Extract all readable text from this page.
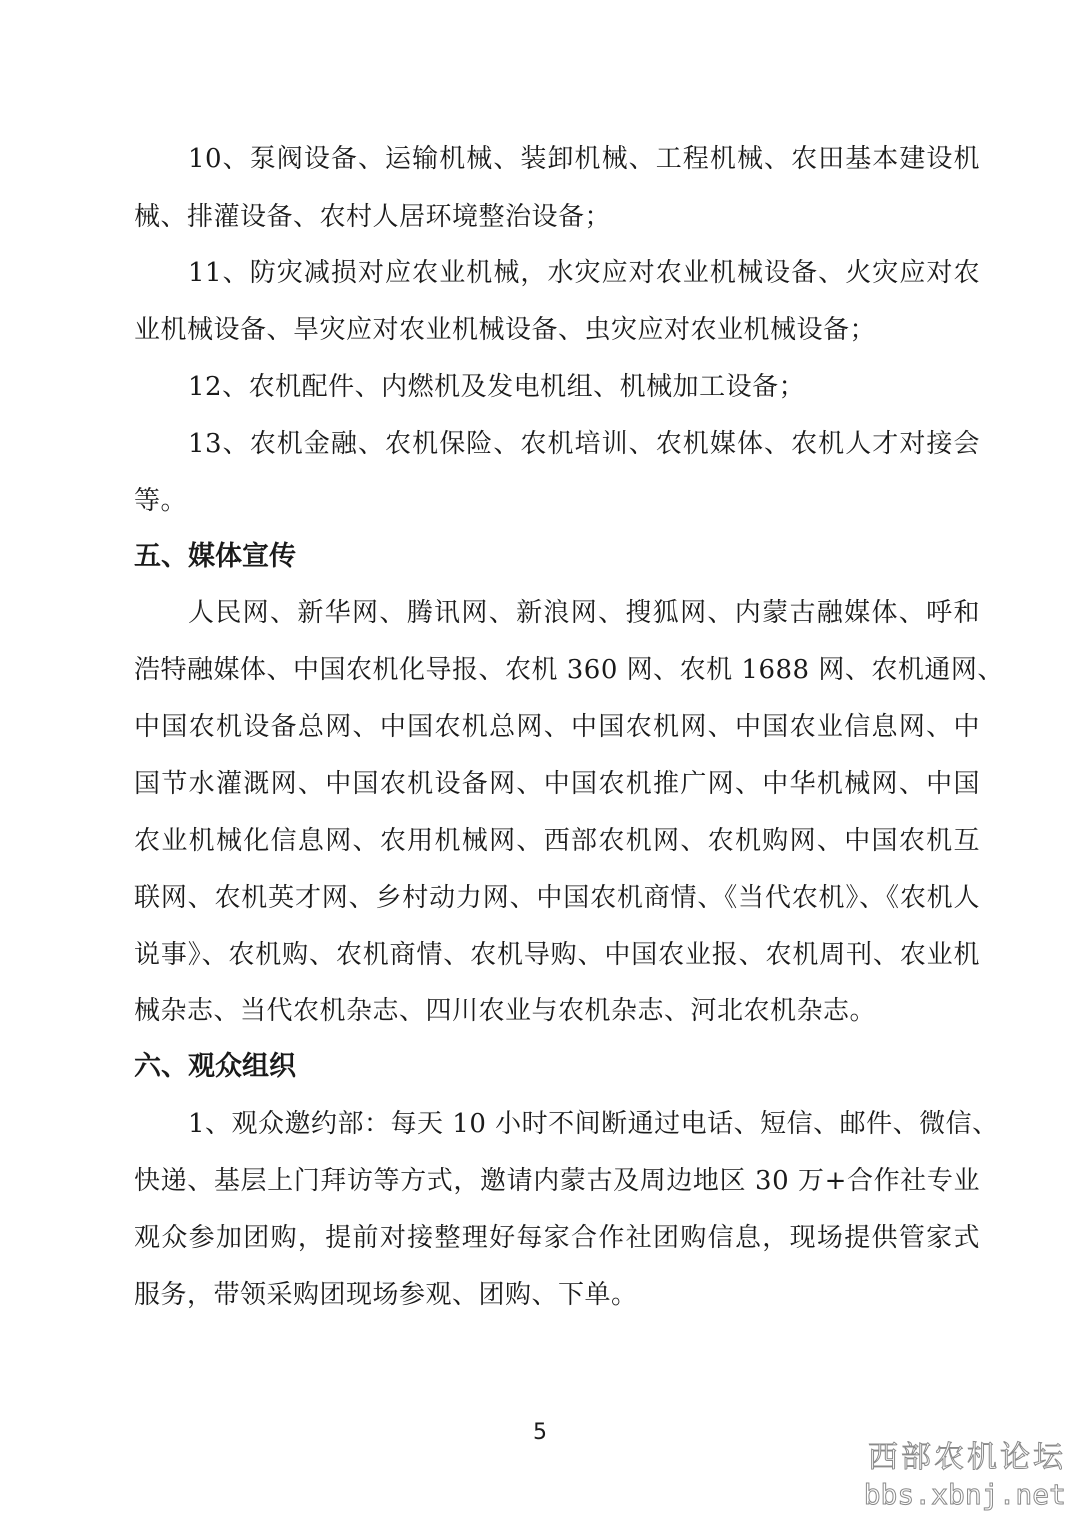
10、泵阀设备、运输机械、装卸机械、工程机械、农田基本建设机
械、排灌设备、农村人居环境整治设备；
11、防灾减损对应农业机械，水灾应对农业机械设备、火灾应对农
业机械设备、旱灾应对农业机械设备、虫灾应对农业机械设备；
12、农机配件、内燃机及发电机组、机械加工设备；
13、农机金融、农机保险、农机培训、农机媒体、农机人才对接会
等。
五、媒体宣传
人民网、新华网、腾讯网、新浪网、搜狐网、内蒙古融媒体、呼和
浩特融媒体、中国农机化导报、农机 360 网、农机 1688 网、农机通网、
中国农机设备总网、中国农机总网、中国农机网、中国农业信息网、中
国节水灌溉网、中国农机设备网、中国农机推广网、中华机械网、中国
农业机械化信息网、农用机械网、西部农机网、农机购网、中国农机互
联网、农机英才网、乡村动力网、中国农机商情、《当代农机》、《农机人
说事》、农机购、农机商情、农机导购、中国农业报、农机周刊、农业机
械杂志、当代农机杂志、四川农业与农机杂志、河北农机杂志。
六、观众组织
1、观众邀约部：每天 10 小时不间断通过电话、短信、邮件、微信、
快递、基层上门拜访等方式，邀请内蒙古及周边地区 30 万+合作社专业
观众参加团购，提前对接整理好每家合作社团购信息，现场提供管家式
服务，带领采购团现场参观、团购、下单。
5
西部农机论坛
bbs.xbnj.net
